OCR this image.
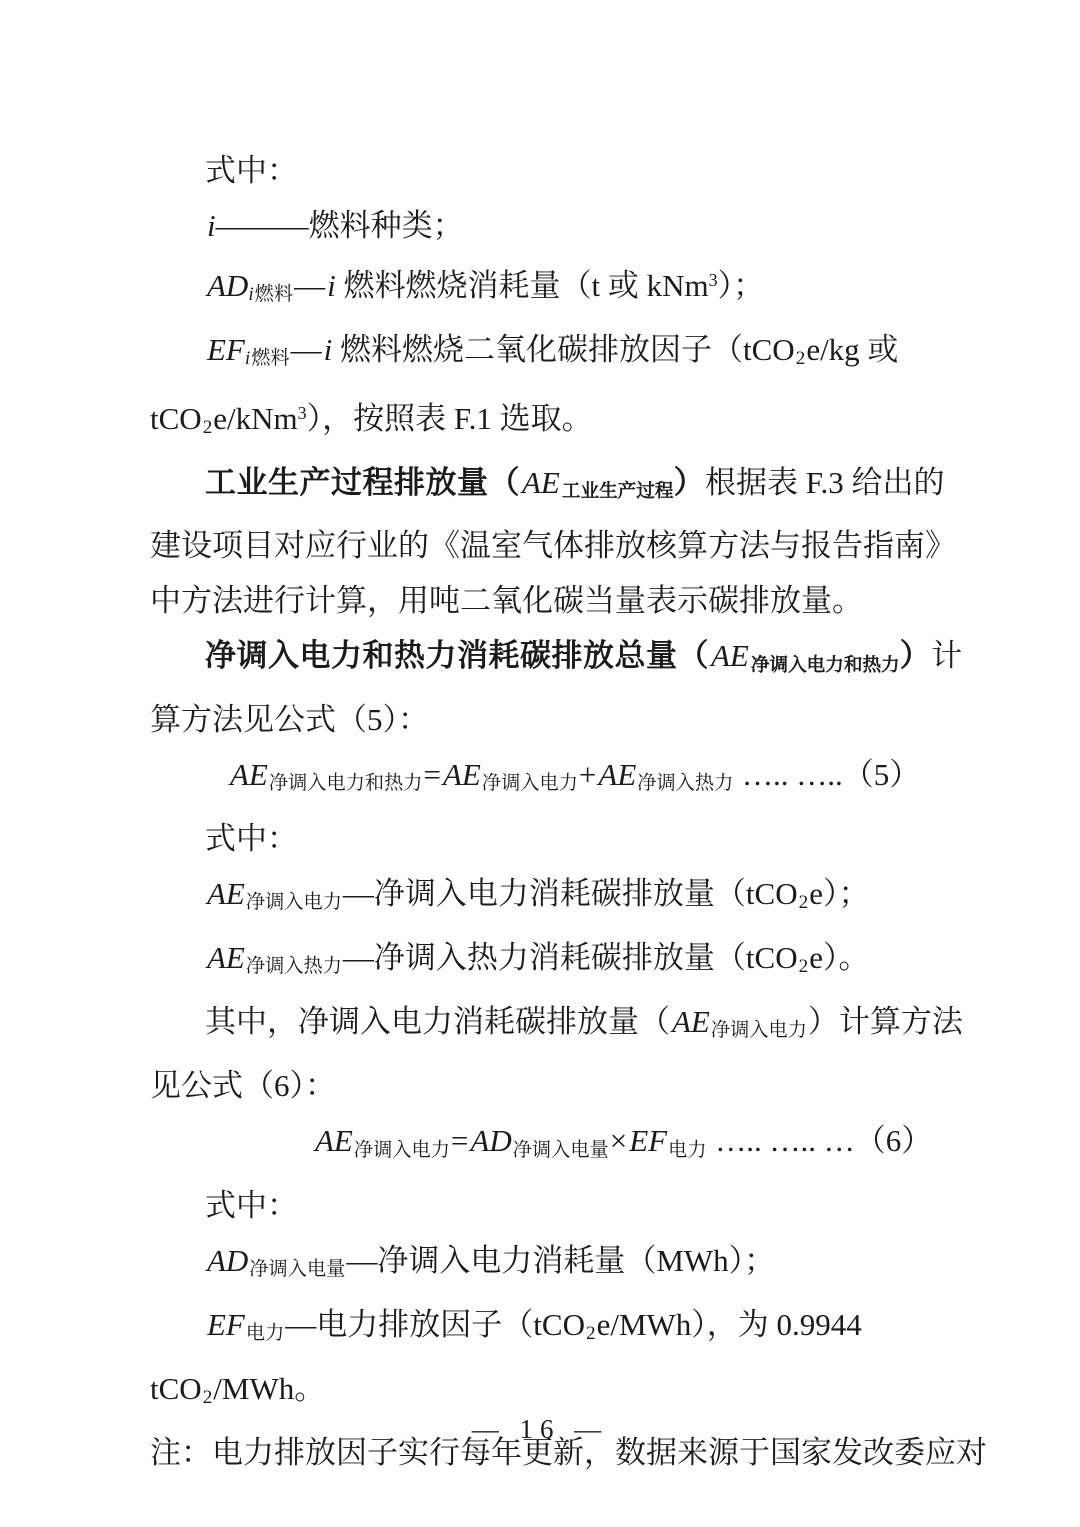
式中：

i———燃料种类；

ADi燃料—i 燃料燃烧消耗量（t 或 kNm$^3$）；

EFi燃料—i 燃料燃烧二氧化碳排放因子（tCO2e/kg 或

tCO2e/kNm$^3$），按照表 F.1 选取。

工业生产过程排放量（AE 工业生产过程）根据表 F.3 给出的

建设项目对应行业的《温室气体排放核算方法与报告指南》

中方法进行计算，用吨二氧化碳当量表示碳排放量。

净调入电力和热力消耗碳排放总量（AE 净调入电力和热力）计

算方法见公式（5）：

AE净调入电力和热力=AE净调入电力+AE净调入热力 ….. …..（5）

式中：

AE净调入电力—净调入电力消耗碳排放量（tCO2e）；

AE净调入热力—净调入热力消耗碳排放量（tCO2e）。

其中，净调入电力消耗碳排放量（AE净调入电力）计算方法

见公式（6）：

AE净调入电力=AD净调入电量×EF电力 ….. ….. …（6）

式中：

AD净调入电量—净调入电力消耗量（MWh）；

EF电力—电力排放因子（tCO2e/MWh），为 0.9944

tCO2/MWh。

注：电力排放因子实行每年更新，数据来源于国家发改委应对

— 16 —
